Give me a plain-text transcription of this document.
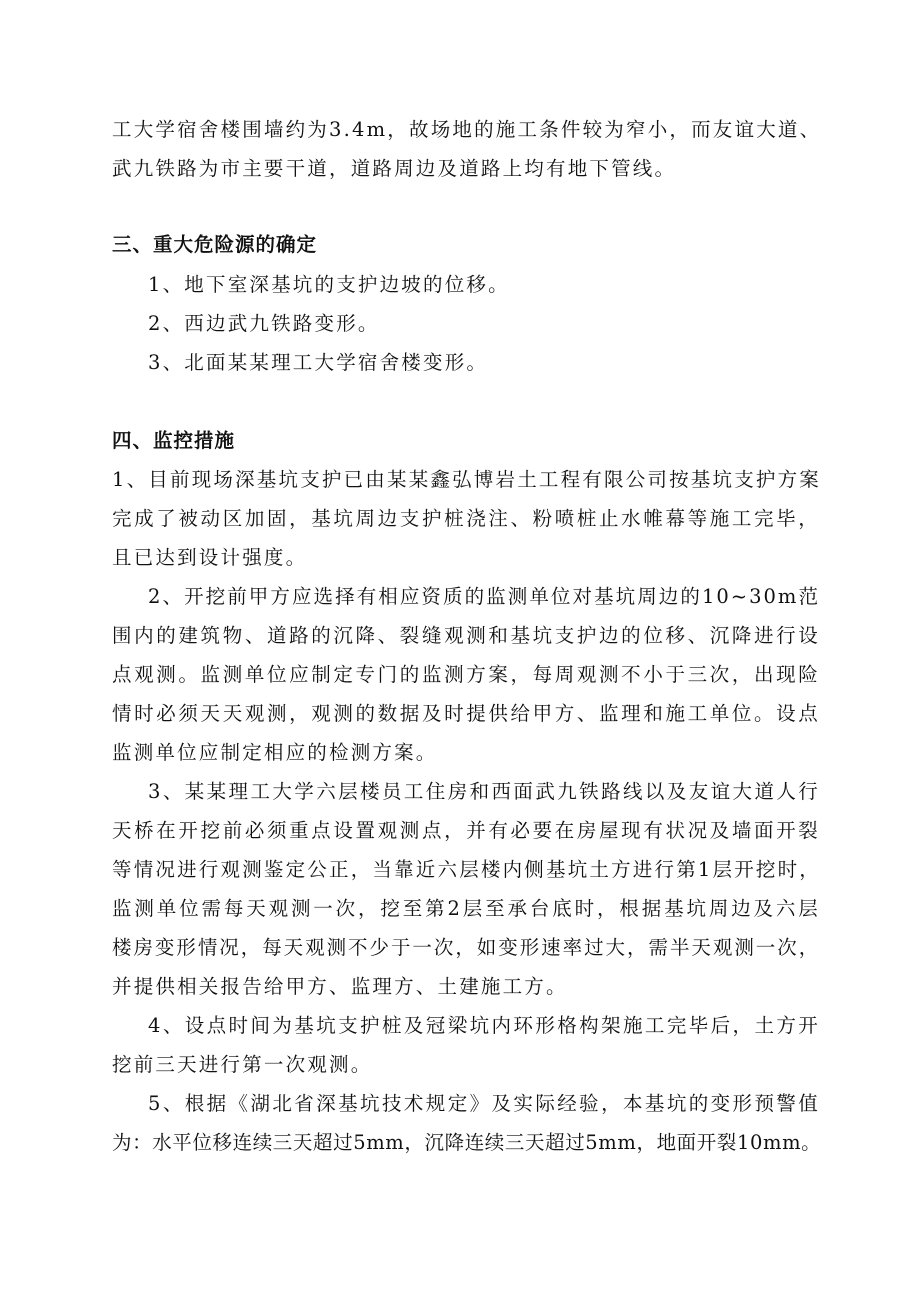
工大学宿舍楼围墙约为3.4m，故场地的施工条件较为窄小，而友谊大道、
武九铁路为市主要干道，道路周边及道路上均有地下管线。
三、重大危险源的确定
1、地下室深基坑的支护边坡的位移。
2、西边武九铁路变形。
3、北面某某理工大学宿舍楼变形。
四、监控措施
1、目前现场深基坑支护已由某某鑫弘博岩土工程有限公司按基坑支护方案
完成了被动区加固，基坑周边支护桩浇注、粉喷桩止水帷幕等施工完毕，
且已达到设计强度。
2、开挖前甲方应选择有相应资质的监测单位对基坑周边的10~30m范
围内的建筑物、道路的沉降、裂缝观测和基坑支护边的位移、沉降进行设
点观测。监测单位应制定专门的监测方案，每周观测不小于三次，出现险
情时必须天天观测，观测的数据及时提供给甲方、监理和施工单位。设点
监测单位应制定相应的检测方案。
3、某某理工大学六层楼员工住房和西面武九铁路线以及友谊大道人行
天桥在开挖前必须重点设置观测点，并有必要在房屋现有状况及墙面开裂
等情况进行观测鉴定公正，当靠近六层楼内侧基坑土方进行第1层开挖时，
监测单位需每天观测一次，挖至第2层至承台底时，根据基坑周边及六层
楼房变形情况，每天观测不少于一次，如变形速率过大，需半天观测一次，
并提供相关报告给甲方、监理方、土建施工方。
4、设点时间为基坑支护桩及冠梁坑内环形格构架施工完毕后，土方开
挖前三天进行第一次观测。
5、根据《湖北省深基坑技术规定》及实际经验，本基坑的变形预警值
为：水平位移连续三天超过5mm，沉降连续三天超过5mm，地面开裂10mm。
